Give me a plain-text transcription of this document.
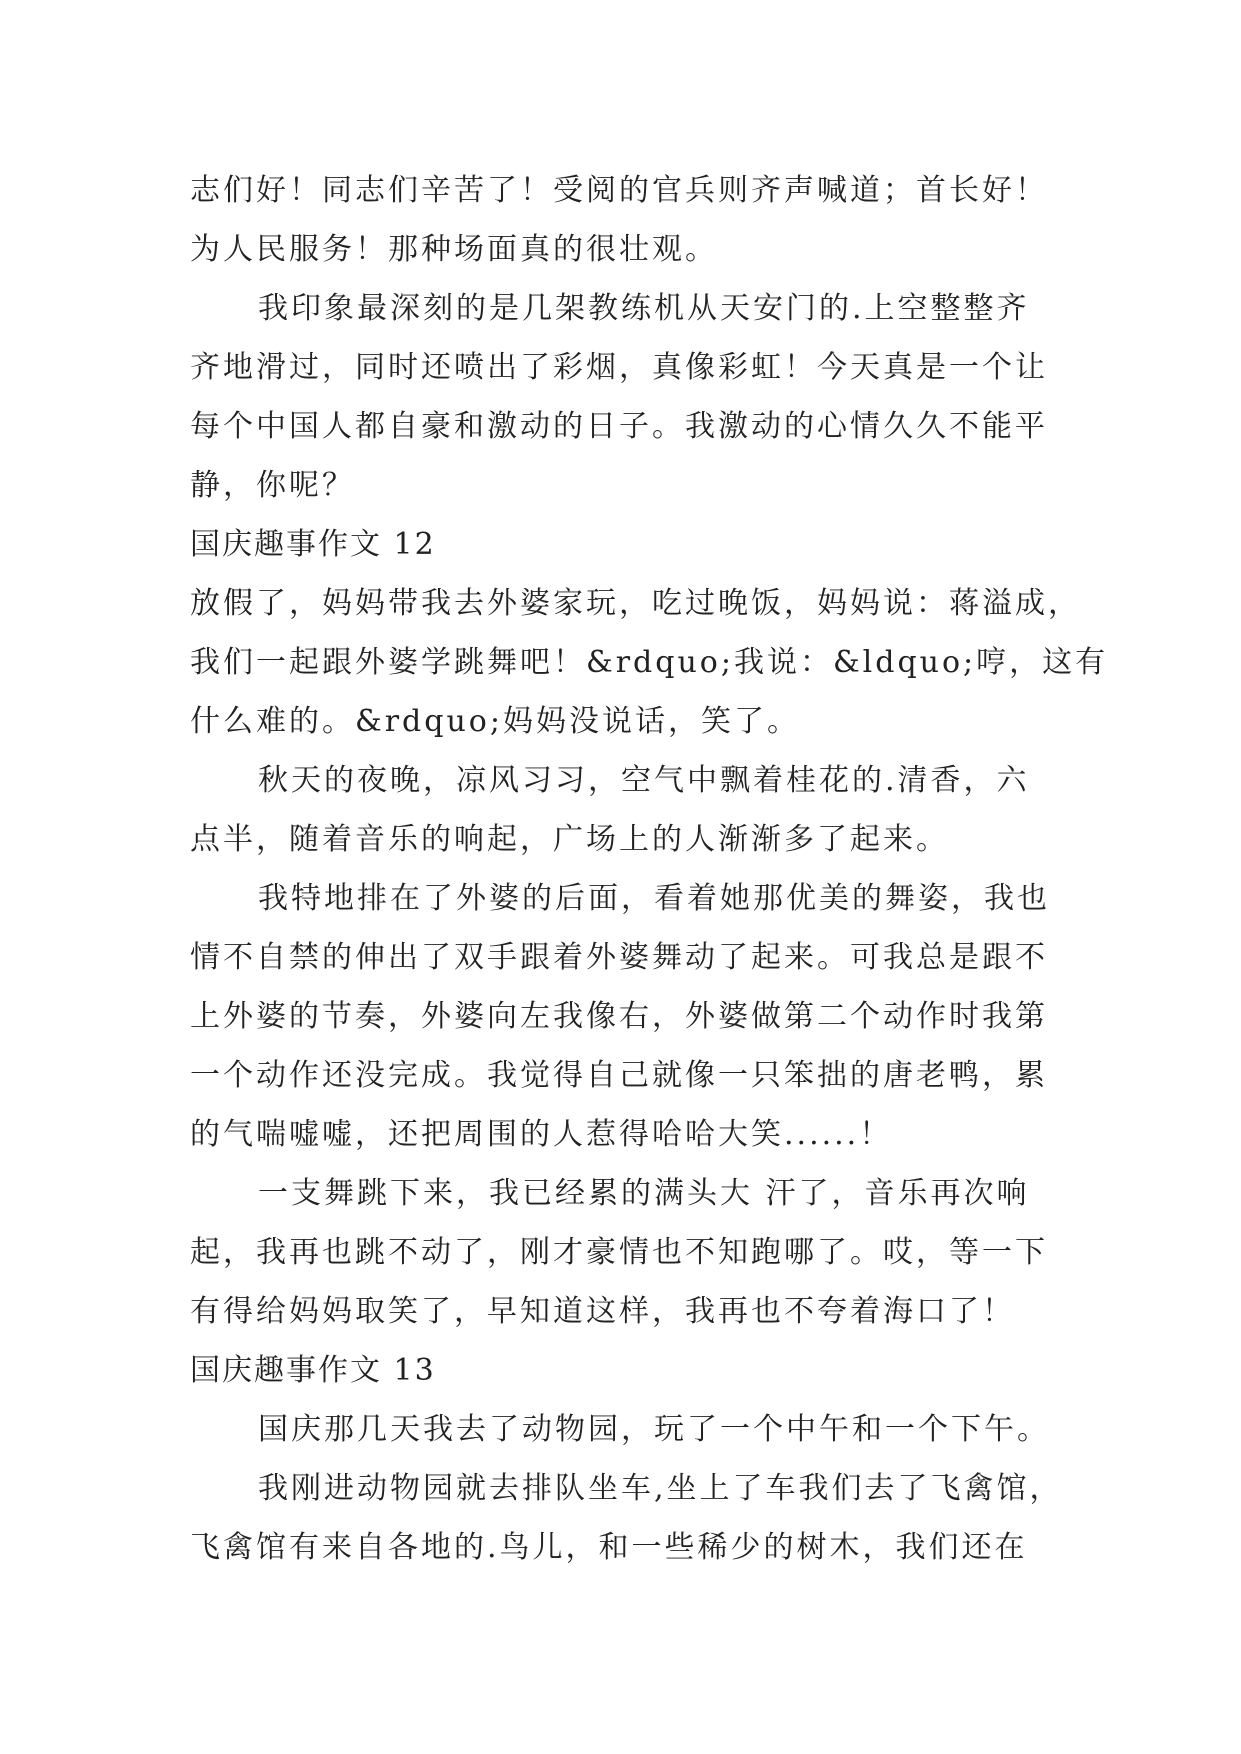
志们好！同志们辛苦了！受阅的官兵则齐声喊道；首长好！
为人民服务！那种场面真的很壮观。
我印象最深刻的是几架教练机从天安门的.上空整整齐
齐地滑过，同时还喷出了彩烟，真像彩虹！今天真是一个让
每个中国人都自豪和激动的日子。我激动的心情久久不能平
静，你呢？
国庆趣事作文 12
放假了，妈妈带我去外婆家玩，吃过晚饭，妈妈说：蒋溢成，
我们一起跟外婆学跳舞吧！&rdquo;我说：&ldquo;哼，这有
什么难的。&rdquo;妈妈没说话，笑了。
秋天的夜晚，凉风习习，空气中飘着桂花的.清香，六
点半，随着音乐的响起，广场上的人渐渐多了起来。
我特地排在了外婆的后面，看着她那优美的舞姿，我也
情不自禁的伸出了双手跟着外婆舞动了起来。可我总是跟不
上外婆的节奏，外婆向左我像右，外婆做第二个动作时我第
一个动作还没完成。我觉得自己就像一只笨拙的唐老鸭，累
的气喘嘘嘘，还把周围的人惹得哈哈大笑......！
一支舞跳下来，我已经累的满头大 汗了，音乐再次响
起，我再也跳不动了，刚才豪情也不知跑哪了。哎，等一下
有得给妈妈取笑了，早知道这样，我再也不夸着海口了！
国庆趣事作文 13
国庆那几天我去了动物园，玩了一个中午和一个下午。
我刚进动物园就去排队坐车,坐上了车我们去了飞禽馆，
飞禽馆有来自各地的.鸟儿，和一些稀少的树木，我们还在
